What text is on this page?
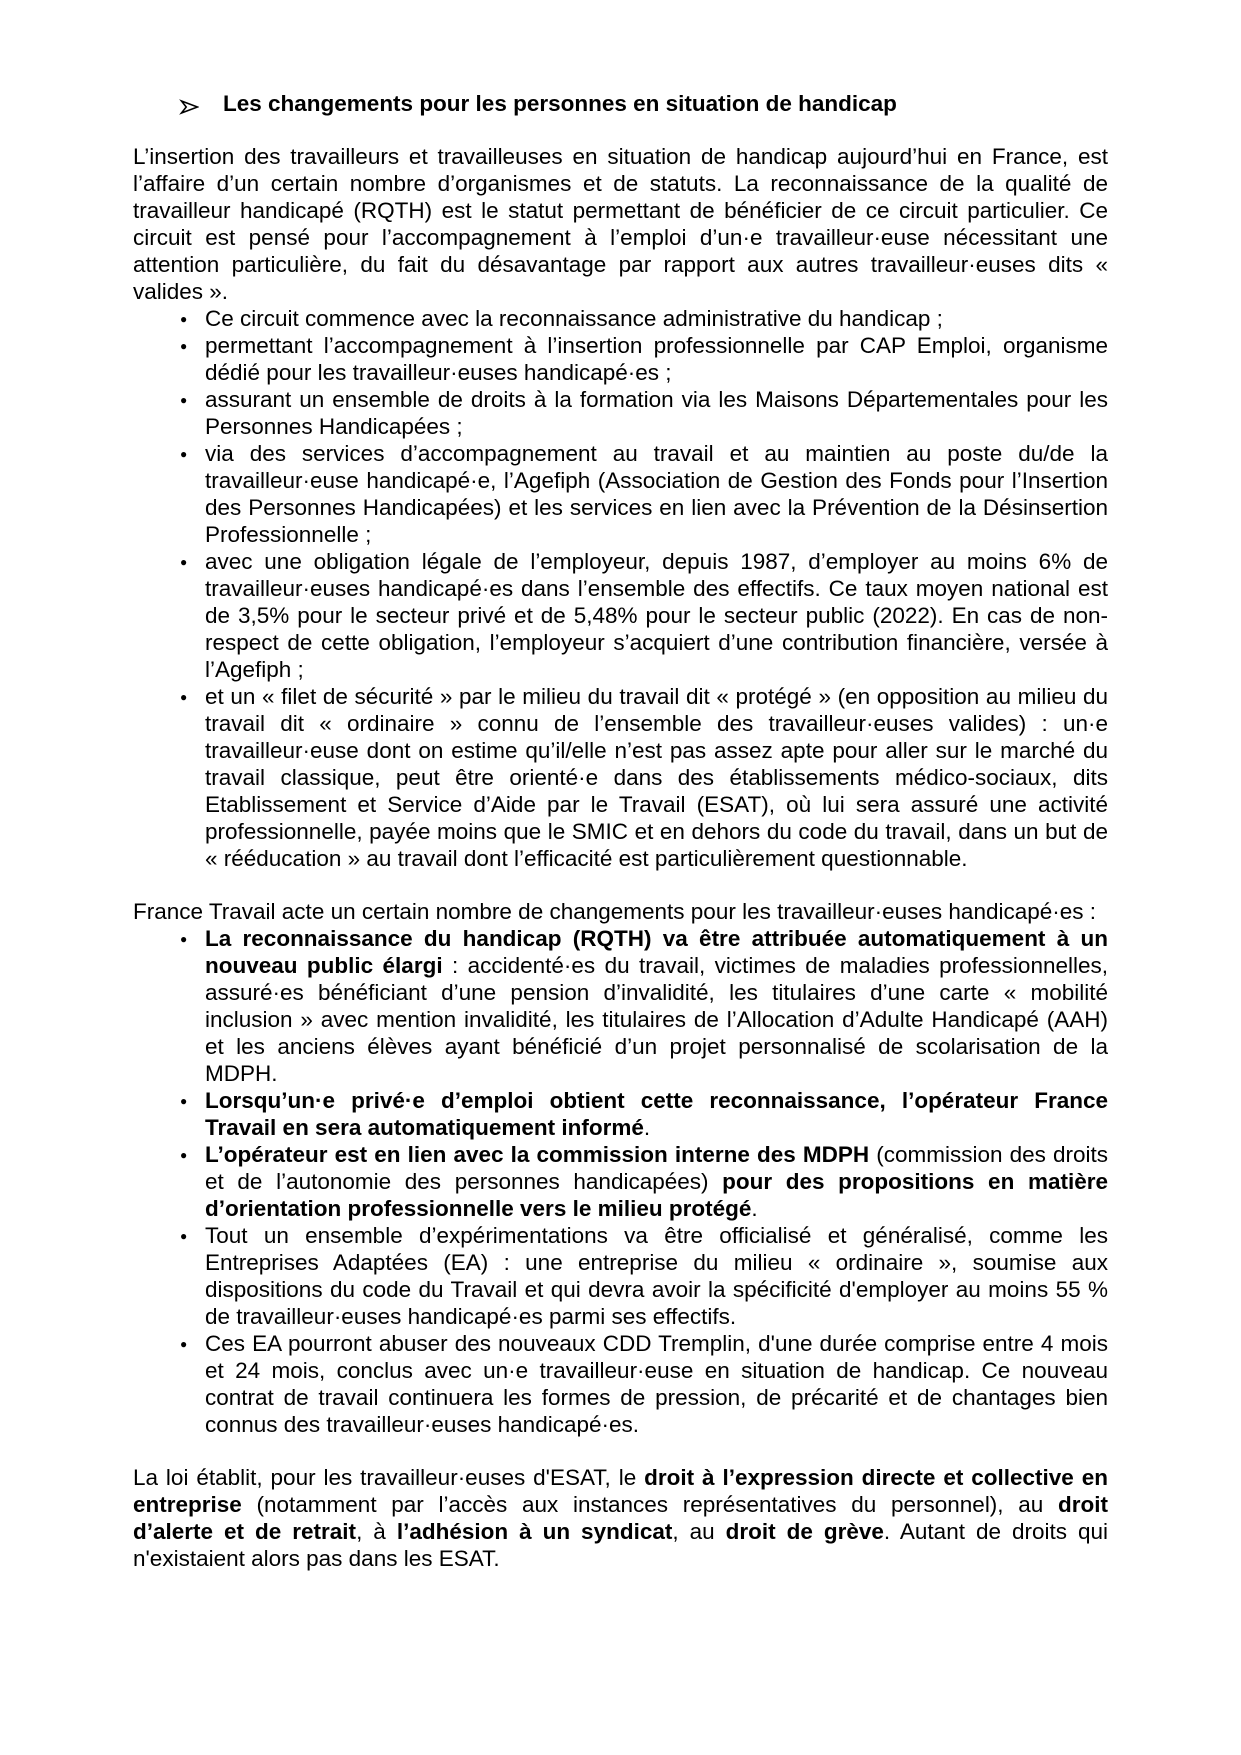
Les changements pour les personnes en situation de handicap

L’insertion des travailleurs et travailleuses en situation de handicap aujourd’hui en France, est l’affaire d’un certain nombre d’organismes et de statuts. La reconnaissance de la qualité de travailleur handicapé (RQTH) est le statut permettant de bénéficier de ce circuit particulier. Ce circuit est pensé pour l’accompagnement à l’emploi d’un·e travailleur·euse nécessitant une attention particulière, du fait du désavantage par rapport aux autres travailleur·euses dits « valides ».

● Ce circuit commence avec la reconnaissance administrative du handicap ;
● permettant l’accompagnement à l’insertion professionnelle par CAP Emploi, organisme dédié pour les travailleur·euses handicapé·es ;
● assurant un ensemble de droits à la formation via les Maisons Départementales pour les Personnes Handicapées ;
● via des services d’accompagnement au travail et au maintien au poste du/de la travailleur·euse handicapé·e, l’Agefiph (Association de Gestion des Fonds pour l’Insertion des Personnes Handicapées) et les services en lien avec la Prévention de la Désinsertion Professionnelle ;
● avec une obligation légale de l’employeur, depuis 1987, d’employer au moins 6% de travailleur·euses handicapé·es dans l’ensemble des effectifs. Ce taux moyen national est de 3,5% pour le secteur privé et de 5,48% pour le secteur public (2022). En cas de non-respect de cette obligation, l’employeur s’acquiert d’une contribution financière, versée à l’Agefiph ;
● et un « filet de sécurité » par le milieu du travail dit « protégé » (en opposition au milieu du travail dit « ordinaire » connu de l’ensemble des travailleur·euses valides) : un·e travailleur·euse dont on estime qu’il/elle n’est pas assez apte pour aller sur le marché du travail classique, peut être orienté·e dans des établissements médico-sociaux, dits Etablissement et Service d’Aide par le Travail (ESAT), où lui sera assuré une activité professionnelle, payée moins que le SMIC et en dehors du code du travail, dans un but de « rééducation » au travail dont l’efficacité est particulièrement questionnable.

France Travail acte un certain nombre de changements pour les travailleur·euses handicapé·es :

● La reconnaissance du handicap (RQTH) va être attribuée automatiquement à un nouveau public élargi : accidenté·es du travail, victimes de maladies professionnelles, assuré·es bénéficiant d’une pension d’invalidité, les titulaires d’une carte « mobilité inclusion » avec mention invalidité, les titulaires de l’Allocation d’Adulte Handicapé (AAH) et les anciens élèves ayant bénéficié d’un projet personnalisé de scolarisation de la MDPH.
● Lorsqu’un·e privé·e d’emploi obtient cette reconnaissance, l’opérateur France Travail en sera automatiquement informé.
● L’opérateur est en lien avec la commission interne des MDPH (commission des droits et de l’autonomie des personnes handicapées) pour des propositions en matière d’orientation professionnelle vers le milieu protégé.
● Tout un ensemble d’expérimentations va être officialisé et généralisé, comme les Entreprises Adaptées (EA) : une entreprise du milieu « ordinaire », soumise aux dispositions du code du Travail et qui devra avoir la spécificité d'employer au moins 55 % de travailleur·euses handicapé·es parmi ses effectifs.
● Ces EA pourront abuser des nouveaux CDD Tremplin, d'une durée comprise entre 4 mois et 24 mois, conclus avec un·e travailleur·euse en situation de handicap. Ce nouveau contrat de travail continuera les formes de pression, de précarité et de chantages bien connus des travailleur·euses handicapé·es.

La loi établit, pour les travailleur·euses d'ESAT, le droit à l’expression directe et collective en entreprise (notamment par l’accès aux instances représentatives du personnel), au droit d’alerte et de retrait, à l’adhésion à un syndicat, au droit de grève. Autant de droits qui n'existaient alors pas dans les ESAT.
